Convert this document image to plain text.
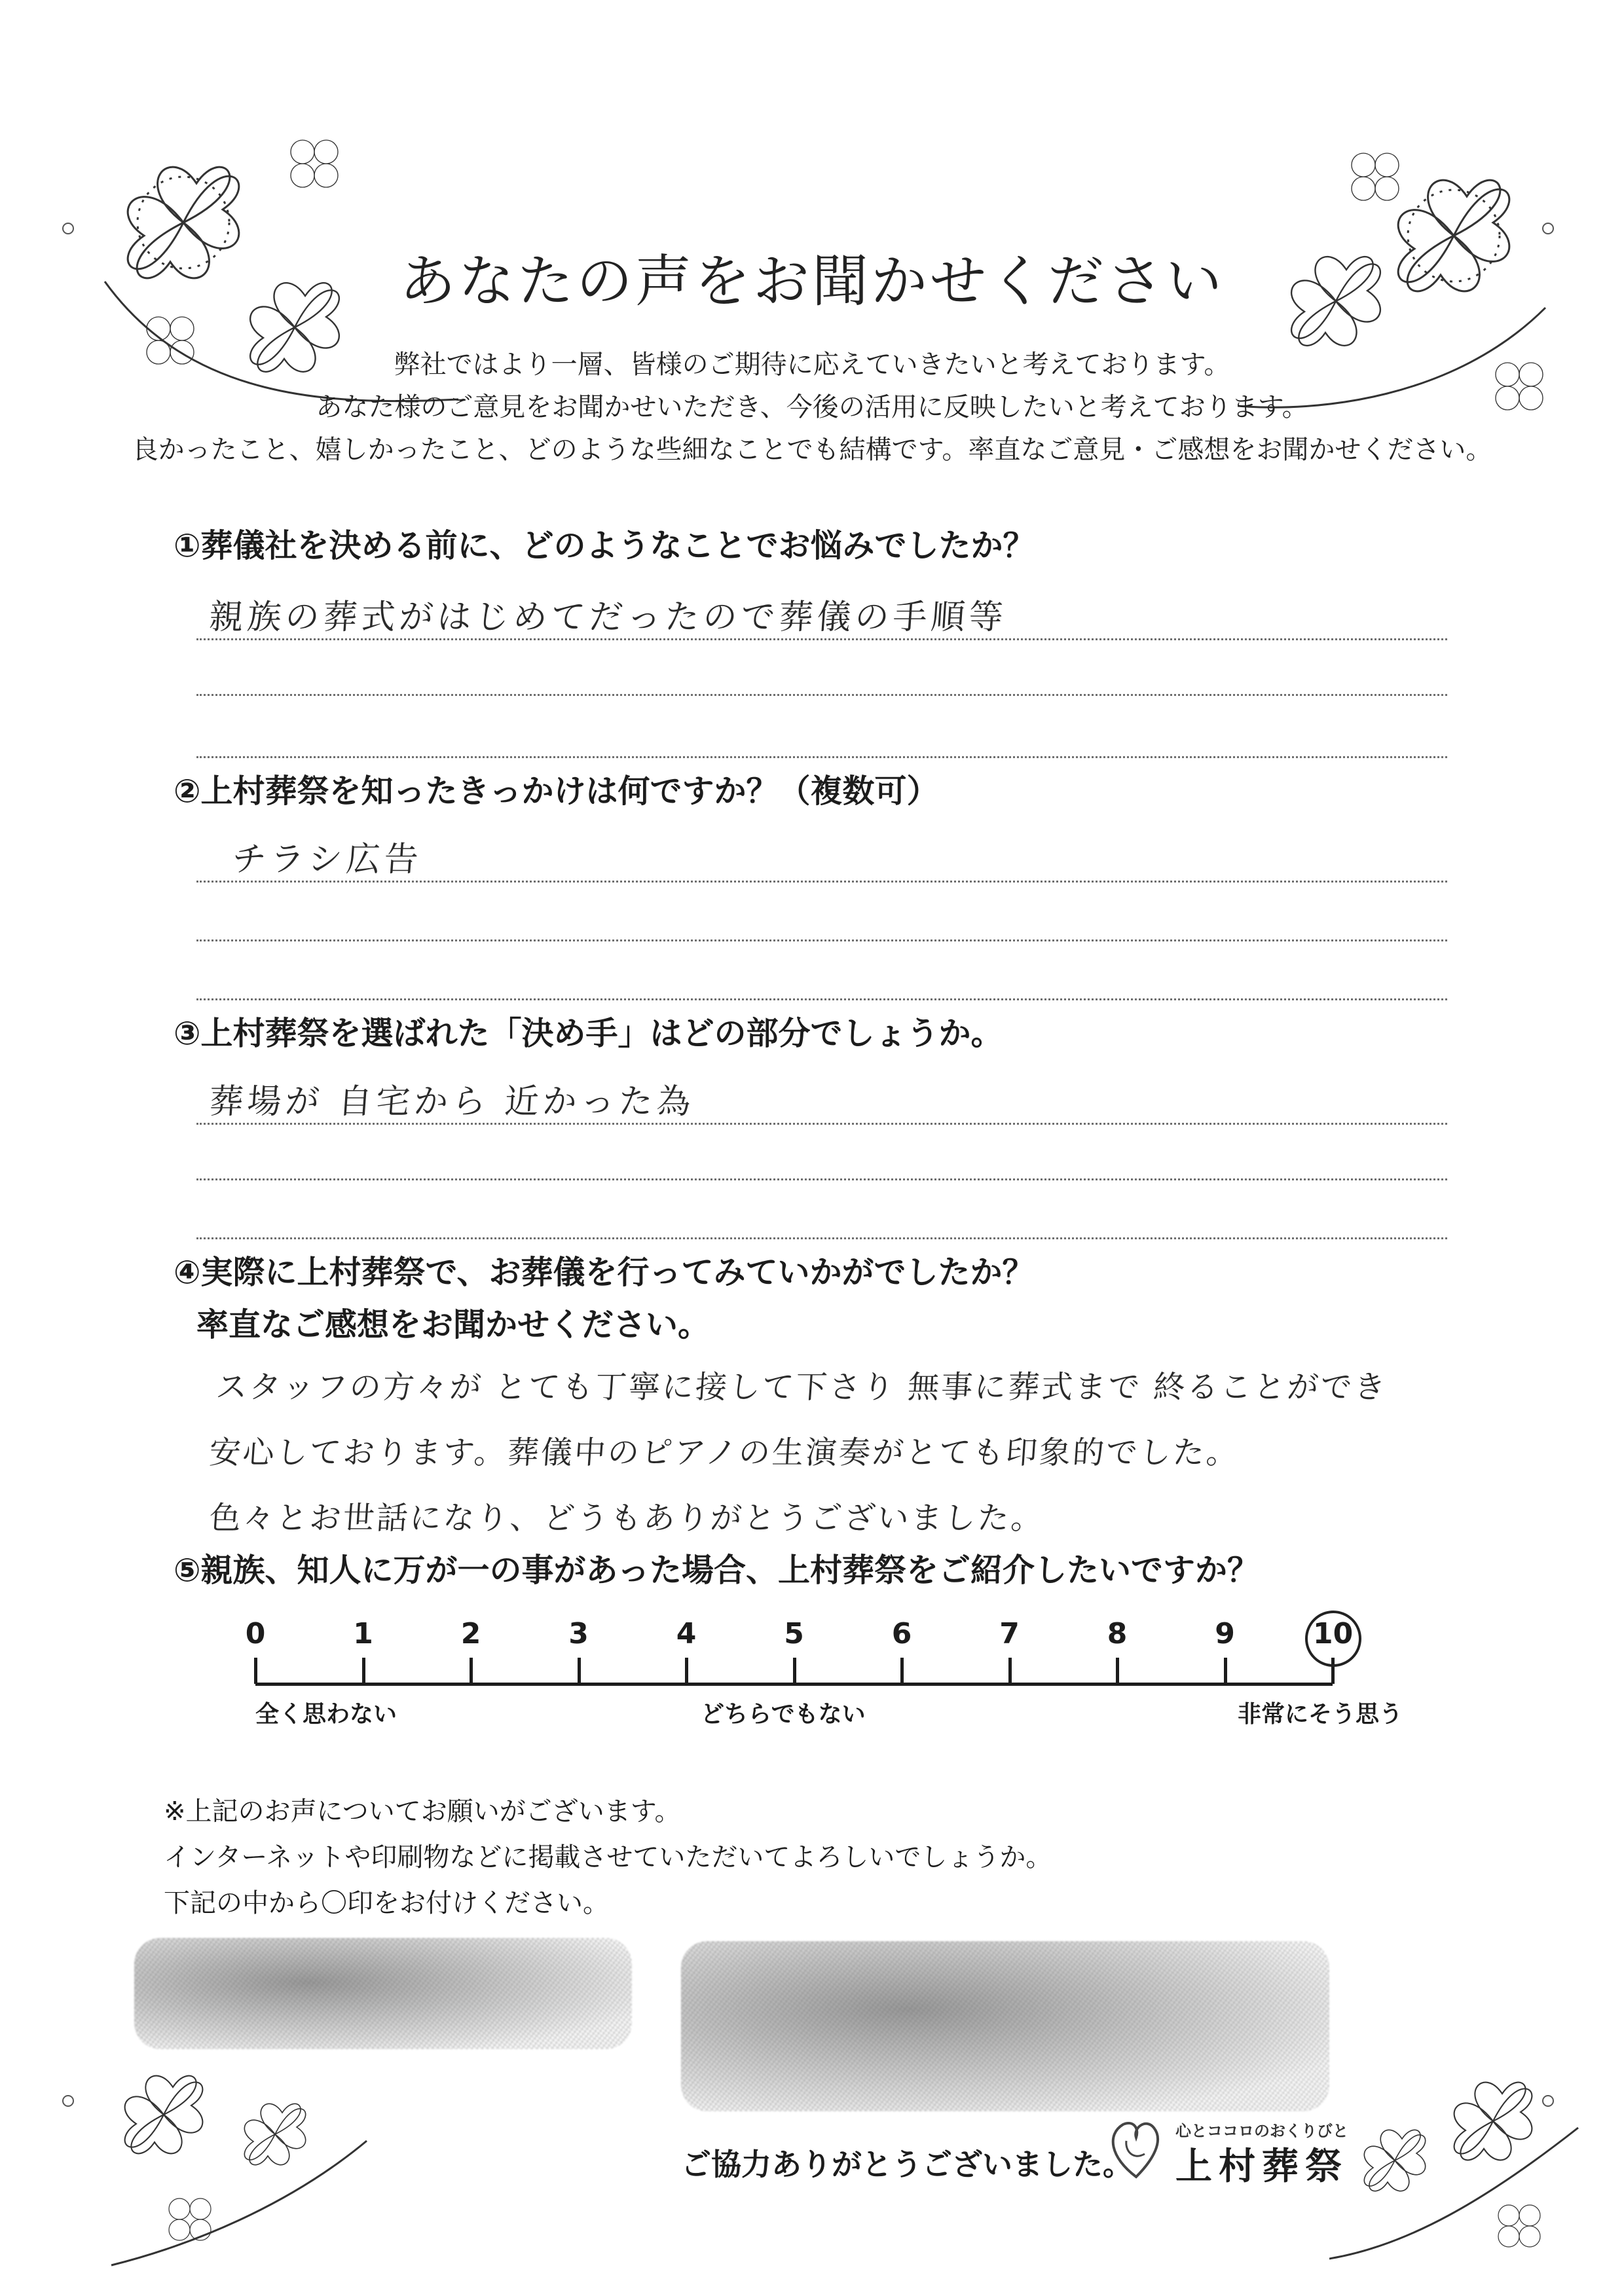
あなたの声をお聞かせください
弊社ではより一層、皆様のご期待に応えていきたいと考えております。
あなた様のご意見をお聞かせいただき、今後の活用に反映したいと考えております。
良かったこと、嬉しかったこと、どのような些細なことでも結構です。率直なご意見・ご感想をお聞かせください。
①葬儀社を決める前に、どのようなことでお悩みでしたか？
親族の葬式がはじめてだったので葬儀の手順等
②上村葬祭を知ったきっかけは何ですか？（複数可）
チラシ広告
③上村葬祭を選ばれた「決め手」はどの部分でしょうか。
葬場が 自宅から 近かった為
④実際に上村葬祭で、お葬儀を行ってみていかがでしたか？
率直なご感想をお聞かせください。
スタッフの方々が とても丁寧に接して下さり 無事に葬式まで 終ることができ
安心しております。葬儀中のピアノの生演奏がとても印象的でした。
色々とお世話になり、どうもありがとうございました。
⑤親族、知人に万が一の事があった場合、上村葬祭をご紹介したいですか？
0	1	2	3	4	5	6	7	8	9	10
全く思わない	どちらでもない	非常にそう思う
※上記のお声についてお願いがございます。
インターネットや印刷物などに掲載させていただいてよろしいでしょうか。
下記の中から〇印をお付けください。
ご協力ありがとうございました。
心とココロのおくりびと
上村葬祭
